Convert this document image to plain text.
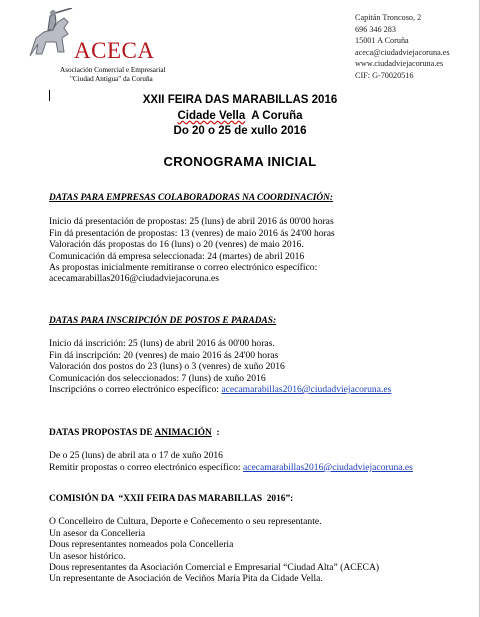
ACECA
Asociación Comercial e Empresarial
"Ciudad Antigua" da Coruña
Capitán Troncoso, 2
696 346 283
15001 A Coruña
aceca@ciudadviejacoruna.es
www.ciudadviejacoruna.es
CIF: G-70020516
XXII FEIRA DAS MARABILLAS 2016
Cidade Vella  A Coruña
Do 20 o 25 de xullo 2016
CRONOGRAMA INICIAL
DATAS PARA EMPRESAS COLABORADORAS NA COORDINACIÓN:
Inicio dá presentación de propostas: 25 (luns) de abril 2016 ás 00'00 horas
Fin dá presentación de propostas: 13 (venres) de maio 2016 ás 24'00 horas
Valoración dás propostas do 16 (luns) o 20 (venres) de maio 2016.
Comunicación dá empresa seleccionada: 24 (martes) de abril 2016
As propostas inicialmente remitiranse o correo electrónico específico:
acecamarabillas2016@ciudadviejacoruna.es
DATAS PARA INSCRIPCIÓN DE POSTOS E PARADAS:
Inicio dá inscrición: 25 (luns) de abril 2016 ás 00'00 horas.
Fin dá inscripción: 20 (venres) de maio 2016 ás 24'00 horas
Valoración dos postos do 23 (luns) o 3 (venres) de xuño 2016
Comunicación dos seleccionados: 7 (luns) de xuño 2016
Inscripcións o correo electrónico específico: acecamarabillas2016@ciudadviejacoruna.es
DATAS PROPOSTAS DE ANIMACIÓN  :
De o 25 (luns) de abril ata o 17 de xuño 2016
Remitir propostas o correo electrónico específico: acecamarabillas2016@ciudadviejacoruna.es
COMISIÓN DA  “XXII FEIRA DAS MARABILLAS  2016”:
O Concelleiro de Cultura, Deporte e Coñecemento o seu representante.
Un asesor da Concelleria
Dous representantes nomeados pola Concelleria
Un asesor histórico.
Dous representantes da Asociación Comercial e Empresarial “Ciudad Alta” (ACECA)
Un representante de Asociación de Veciños María Pita da Cidade Vella.
